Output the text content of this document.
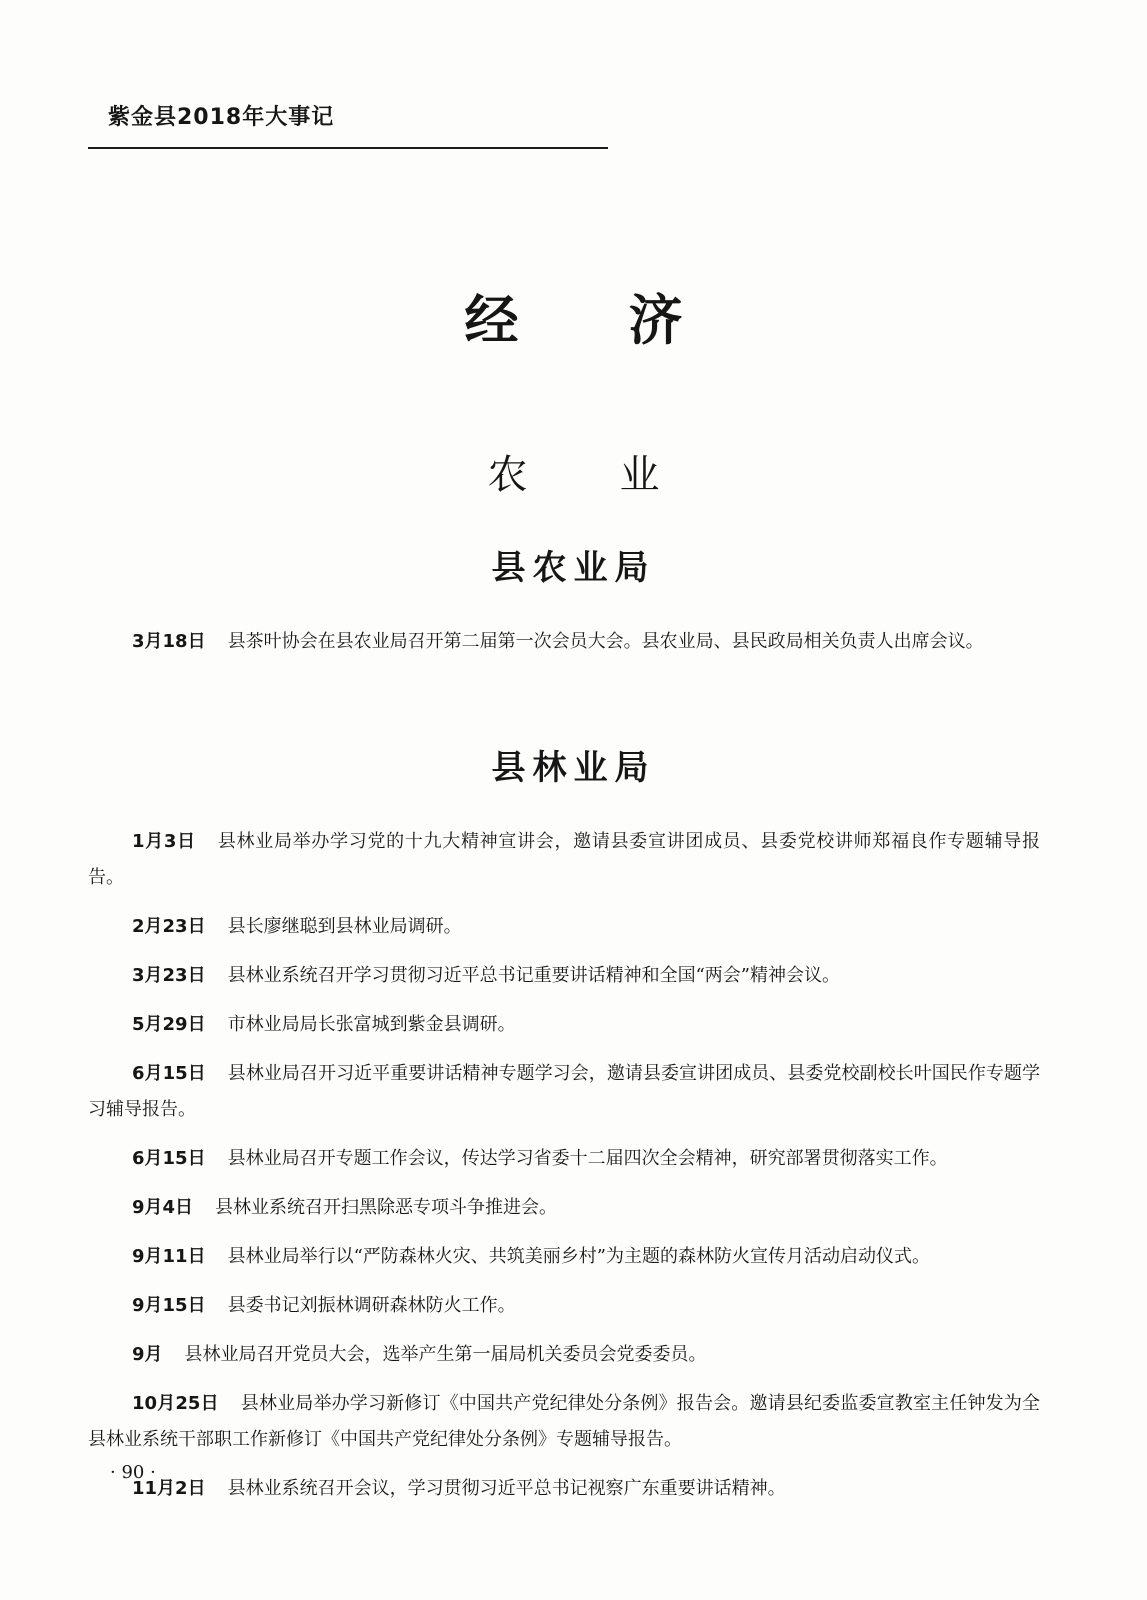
紫金县2018年大事记
经济
农业
县农业局

3月18日 县茶叶协会在县农业局召开第二届第一次会员大会。县农业局、县民政局相关负责人出席会议。

县林业局

1月3日 县林业局举办学习党的十九大精神宣讲会，邀请县委宣讲团成员、县委党校讲师郑福良作专题辅导报告。

2月23日 县长廖继聪到县林业局调研。

3月23日 县林业系统召开学习贯彻习近平总书记重要讲话精神和全国“两会”精神会议。

5月29日 市林业局局长张富城到紫金县调研。

6月15日 县林业局召开习近平重要讲话精神专题学习会，邀请县委宣讲团成员、县委党校副校长叶国民作专题学习辅导报告。

6月15日 县林业局召开专题工作会议，传达学习省委十二届四次全会精神，研究部署贯彻落实工作。

9月4日 县林业系统召开扫黑除恶专项斗争推进会。

9月11日 县林业局举行以“严防森林火灾、共筑美丽乡村”为主题的森林防火宣传月活动启动仪式。

9月15日 县委书记刘振林调研森林防火工作。

9月 县林业局召开党员大会，选举产生第一届局机关委员会党委委员。

10月25日 县林业局举办学习新修订《中国共产党纪律处分条例》报告会。邀请县纪委监委宣教室主任钟发为全县林业系统干部职工作新修订《中国共产党纪律处分条例》专题辅导报告。

11月2日 县林业系统召开会议，学习贯彻习近平总书记视察广东重要讲话精神。

· 90 ·
